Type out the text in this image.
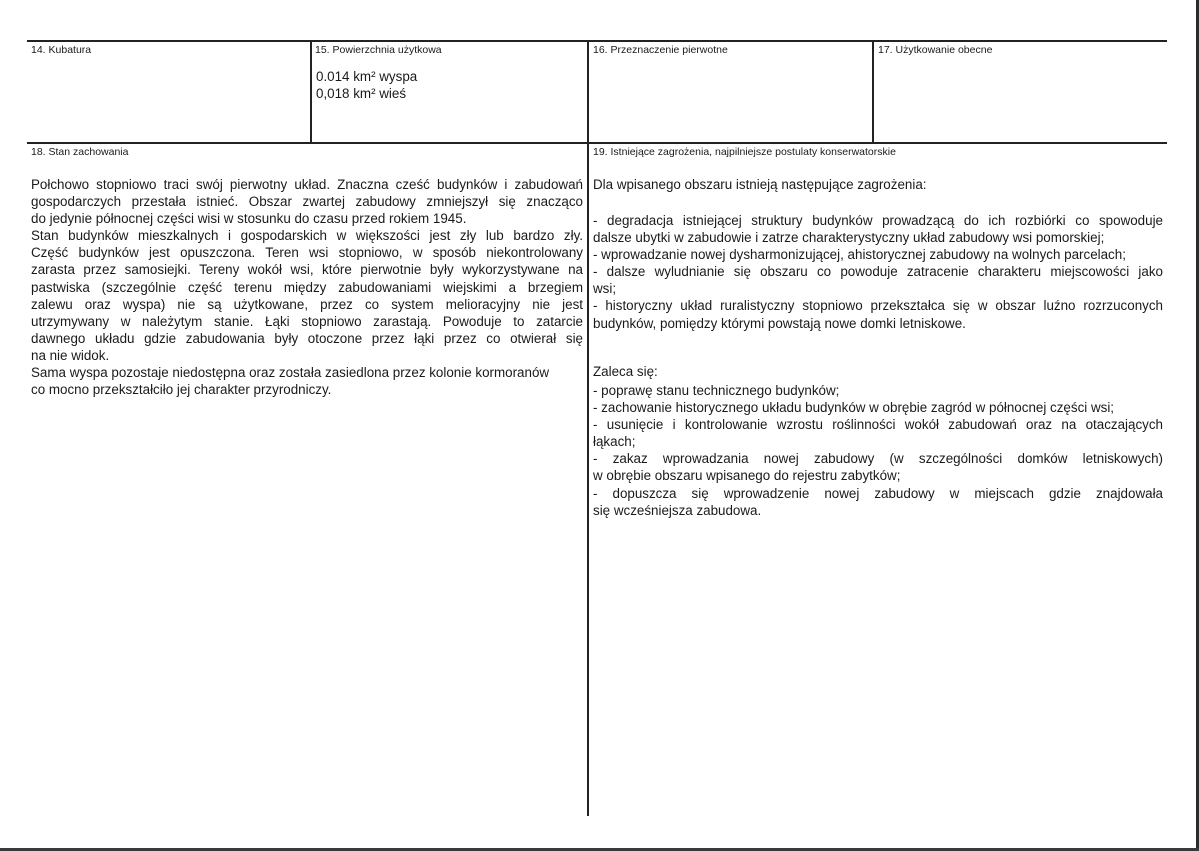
14. Kubatura	15. Powierzchnia użytkowa
0.014 km² wyspa
0,018 km² wieś
16. Przeznaczenie pierwotne	17. Użytkowanie obecne
18. Stan zachowania
Połchowo stopniowo traci swój pierwotny układ. Znaczna cześć budynków i zabudowań
gospodarczych przestała istnieć. Obszar zwartej zabudowy zmniejszył się znacząco
do jedynie północnej części wisi w stosunku do czasu przed rokiem 1945.
Stan budynków mieszkalnych i gospodarskich w większości jest zły lub bardzo zły.
Część budynków jest opuszczona. Teren wsi stopniowo, w sposób niekontrolowany
zarasta przez samosiejki. Tereny wokół wsi, które pierwotnie były wykorzystywane na
pastwiska (szczególnie część terenu między zabudowaniami wiejskimi a brzegiem
zalewu oraz wyspa) nie są użytkowane, przez co system melioracyjny nie jest
utrzymywany w należytym stanie. Łąki stopniowo zarastają. Powoduje to zatarcie
dawnego układu gdzie zabudowania były otoczone przez łąki przez co otwierał się
na nie widok.
Sama wyspa pozostaje niedostępna oraz została zasiedlona przez kolonie kormoranów
co mocno przekształciło jej charakter przyrodniczy.
19. Istniejące zagrożenia, najpilniejsze postulaty konserwatorskie
Dla wpisanego obszaru istnieją następujące zagrożenia:
- degradacja istniejącej struktury budynków prowadzącą do ich rozbiórki co spowoduje
dalsze ubytki w zabudowie i zatrze charakterystyczny układ zabudowy wsi pomorskiej;
- wprowadzanie nowej dysharmonizującej, ahistorycznej zabudowy na wolnych parcelach;
- dalsze wyludnianie się obszaru co powoduje zatracenie charakteru miejscowości jako
wsi;
- historyczny układ ruralistyczny stopniowo przekształca się w obszar luźno rozrzuconych
budynków, pomiędzy którymi powstają nowe domki letniskowe.
Zaleca się:
- poprawę stanu technicznego budynków;
- zachowanie historycznego układu budynków w obrębie zagród w północnej części wsi;
- usunięcie i kontrolowanie wzrostu roślinności wokół zabudowań oraz na otaczających
łąkach;
- zakaz wprowadzania nowej zabudowy (w szczególności domków letniskowych)
w obrębie obszaru wpisanego do rejestru zabytków;
- dopuszcza się wprowadzenie nowej zabudowy w miejscach gdzie znajdowała
się wcześniejsza zabudowa.
